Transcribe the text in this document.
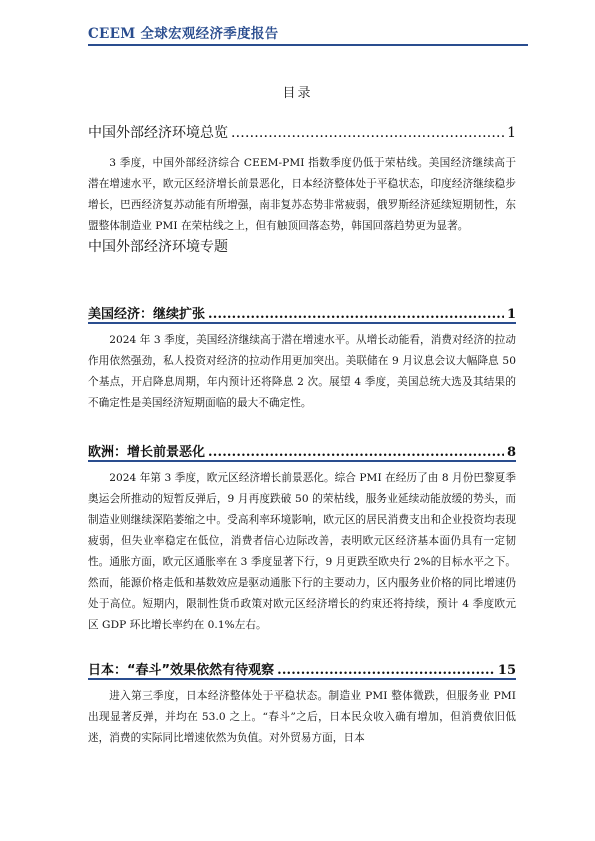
CEEM 全球宏观经济季度报告
目录
中国外部经济环境总览 .....	1
3 季度，中国外部经济综合 CEEM-PMI 指数季度仍低于荣枯线。美国经济继续高于潜在增速水平，欧元区经济增长前景恶化，日本经济整体处于平稳状态，印度经济继续稳步增长，巴西经济复苏动能有所增强，南非复苏态势非常疲弱，俄罗斯经济延续短期韧性，东盟整体制造业 PMI 在荣枯线之上，但有触顶回落态势，韩国回落趋势更为显著。
中国外部经济环境专题
美国经济：继续扩张 .....	1
2024 年 3 季度，美国经济继续高于潜在增速水平。从增长动能看，消费对经济的拉动作用依然强劲，私人投资对经济的拉动作用更加突出。美联储在 9 月议息会议大幅降息 50 个基点，开启降息周期，年内预计还将降息 2 次。展望 4 季度，美国总统大选及其结果的不确定性是美国经济短期面临的最大不确定性。
欧洲：增长前景恶化 .....	8
2024 年第 3 季度，欧元区经济增长前景恶化。综合 PMI 在经历了由 8 月份巴黎夏季奥运会所推动的短暂反弹后，9 月再度跌破 50 的荣枯线，服务业延续动能放缓的势头，而制造业则继续深陷萎缩之中。受高利率环境影响，欧元区的居民消费支出和企业投资均表现疲弱，但失业率稳定在低位，消费者信心边际改善，表明欧元区经济基本面仍具有一定韧性。通胀方面，欧元区通胀率在 3 季度显著下行，9 月更跌至欧央行 2%的目标水平之下。然而，能源价格走低和基数效应是驱动通胀下行的主要动力，区内服务业价格的同比增速仍处于高位。短期内，限制性货币政策对欧元区经济增长的约束还将持续，预计 4 季度欧元区 GDP 环比增长率约在 0.1%左右。
日本：“春斗”效果依然有待观察 .....	15
进入第三季度，日本经济整体处于平稳状态。制造业 PMI 整体微跌，但服务业 PMI 出现显著反弹，并均在 53.0 之上。“春斗”之后，日本民众收入确有增加，但消费依旧低迷，消费的实际同比增速依然为负值。对外贸易方面，日本
